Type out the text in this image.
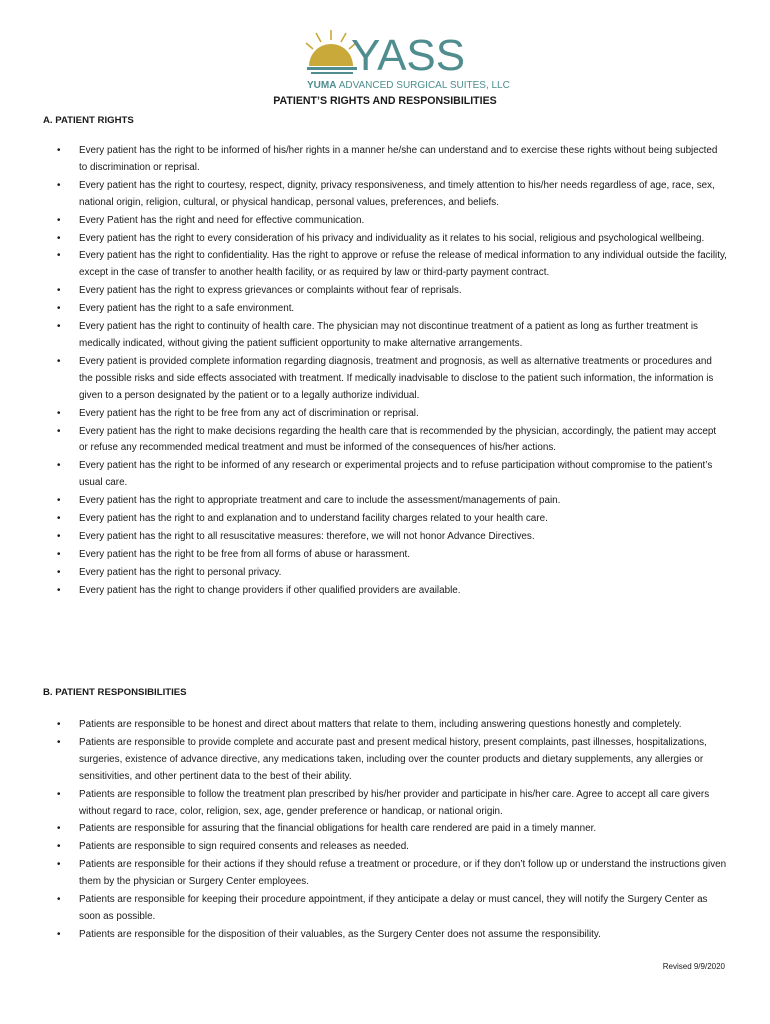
YASS
YUMA ADVANCED SURGICAL SUITES, LLC
PATIENT’S RIGHTS AND RESPONSIBILITIES
A. PATIENT RIGHTS
•	Every patient has the right to be informed of his/her rights in a manner he/she can understand and to exercise these rights without being subjected to discrimination or reprisal.
•	Every patient has the right to courtesy, respect, dignity, privacy responsiveness, and timely attention to his/her needs regardless of age, race, sex, national origin, religion, cultural, or physical handicap, personal values, preferences, and beliefs.
•	Every Patient has the right and need for effective communication.
•	Every patient has the right to every consideration of his privacy and individuality as it relates to his social, religious and psychological wellbeing.
•	Every patient has the right to confidentiality. Has the right to approve or refuse the release of medical information to any individual outside the facility, except in the case of transfer to another health facility, or as required by law or third-party payment contract.
•	Every patient has the right to express grievances or complaints without fear of reprisals.
•	Every patient has the right to a safe environment.
•	Every patient has the right to continuity of health care. The physician may not discontinue treatment of a patient as long as further treatment is medically indicated, without giving the patient sufficient opportunity to make alternative arrangements.
•	Every patient is provided complete information regarding diagnosis, treatment and prognosis, as well as alternative treatments or procedures and the possible risks and side effects associated with treatment. If medically inadvisable to disclose to the patient such information, the information is given to a person designated by the patient or to a legally authorize individual.
•	Every patient has the right to be free from any act of discrimination or reprisal.
•	Every patient has the right to make decisions regarding the health care that is recommended by the physician, accordingly, the patient may accept or refuse any recommended medical treatment and must be informed of the consequences of his/her actions.
•	Every patient has the right to be informed of any research or experimental projects and to refuse participation without compromise to the patient’s usual care.
•	Every patient has the right to appropriate treatment and care to include the assessment/managements of pain.
•	Every patient has the right to and explanation and to understand facility charges related to your health care.
•	Every patient has the right to all resuscitative measures: therefore, we will not honor Advance Directives.
•	Every patient has the right to be free from all forms of abuse or harassment.
•	Every patient has the right to personal privacy.
•	Every patient has the right to change providers if other qualified providers are available.
B. PATIENT RESPONSIBILITIES
•	Patients are responsible to be honest and direct about matters that relate to them, including answering questions honestly and completely.
•	Patients are responsible to provide complete and accurate past and present medical history, present complaints, past illnesses, hospitalizations, surgeries, existence of advance directive, any medications taken, including over the counter products and dietary supplements, any allergies or sensitivities, and other pertinent data to the best of their ability.
•	Patients are responsible to follow the treatment plan prescribed by his/her provider and participate in his/her care. Agree to accept all care givers without regard to race, color, religion, sex, age, gender preference or handicap, or national origin.
•	Patients are responsible for assuring that the financial obligations for health care rendered are paid in a timely manner.
•	Patients are responsible to sign required consents and releases as needed.
•	Patients are responsible for their actions if they should refuse a treatment or procedure, or if they don’t follow up or understand the instructions given them by the physician or Surgery Center employees.
•	Patients are responsible for keeping their procedure appointment, if they anticipate a delay or must cancel, they will notify the Surgery Center as soon as possible.
•	Patients are responsible for the disposition of their valuables, as the Surgery Center does not assume the responsibility.
Revised 9/9/2020
